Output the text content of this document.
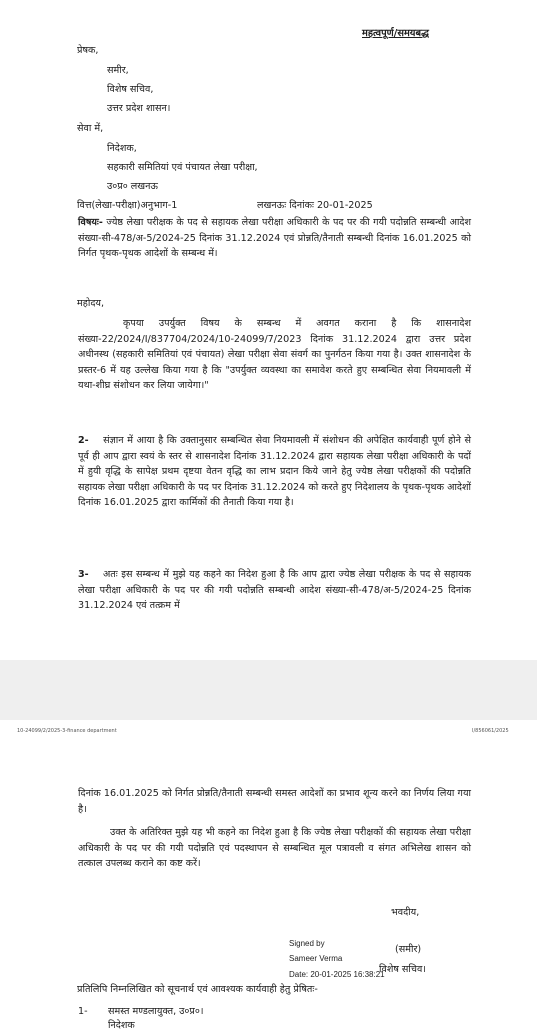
महत्वपूर्ण/समयबद्ध
प्रेषक,
समीर,
विशेष सचिव,
उत्तर प्रदेश शासन।
सेवा में,
निदेशक,
सहकारी समितियां एवं पंचायत लेखा परीक्षा,
उ०प्र० लखनऊ
वित्त(लेखा-परीक्षा)अनुभाग-1	लखनऊः दिनांकः 20-01-2025
विषयः- ज्येष्ठ लेखा परीक्षक के पद से सहायक लेखा परीक्षा अधिकारी के पद पर की गयी पदोन्नति सम्बन्धी आदेश संख्या-सी-478/अ-5/2024-25 दिनांक 31.12.2024 एवं प्रोन्नति/तैनाती सम्बन्धी दिनांक 16.01.2025 को निर्गत पृथक-पृथक आदेशों के सम्बन्ध में।
महोदय,
कृपया उपर्युक्त विषय के सम्बन्ध में अवगत कराना है कि शासनादेश संख्या-22/2024/I/837704/2024/10-24099/7/2023 दिनांक 31.12.2024 द्वारा उत्तर प्रदेश अधीनस्थ (सहकारी समितियां एवं पंचायत) लेखा परीक्षा सेवा संवर्ग का पुनर्गठन किया गया है। उक्त शासनादेश के प्रस्तर-6 में यह उल्लेख किया गया है कि "उपर्युक्त व्यवस्था का समावेश करते हुए सम्बन्धित सेवा नियमावली में यथा-शीघ्र संशोधन कर लिया जायेगा।"
2- संज्ञान में आया है कि उक्तानुसार सम्बन्धित सेवा नियमावली में संशोधन की अपेक्षित कार्यवाही पूर्ण होने से पूर्व ही आप द्वारा स्वयं के स्तर से शासनादेश दिनांक 31.12.2024 द्वारा सहायक लेखा परीक्षा अधिकारी के पदों में हुयी वृद्धि के सापेक्ष प्रथम दृष्टया वेतन वृद्धि का लाभ प्रदान किये जाने हेतु ज्येष्ठ लेखा परीक्षकों की पदोन्नति सहायक लेखा परीक्षा अधिकारी के पद पर दिनांक 31.12.2024 को करते हुए निदेशालय के पृथक-पृथक आदेशों दिनांक 16.01.2025 द्वारा कार्मिकों की तैनाती किया गया है।
3- अतः इस सम्बन्ध में मुझे यह कहने का निदेश हुआ है कि आप द्वारा ज्येष्ठ लेखा परीक्षक के पद से सहायक लेखा परीक्षा अधिकारी के पद पर की गयी पदोन्नति सम्बन्धी आदेश संख्या-सी-478/अ-5/2024-25 दिनांक 31.12.2024 एवं तत्क्रम में
10-24099/2/2025-3-finance department	I/856061/2025
दिनांक 16.01.2025 को निर्गत प्रोन्नति/तैनाती सम्बन्धी समस्त आदेशों का प्रभाव शून्य करने का निर्णय लिया गया है।
उक्त के अतिरिक्त मुझे यह भी कहने का निदेश हुआ है कि ज्येष्ठ लेखा परीक्षकों की सहायक लेखा परीक्षा अधिकारी के पद पर की गयी पदोन्नति एवं पदस्थापन से सम्बन्धित मूल पत्रावली व संगत अभिलेख शासन को तत्काल उपलब्ध कराने का कष्ट करें।
भवदीय,
Signed by
Sameer Verma
Date: 20-01-2025 16:38:21
(समीर)
विशेष सचिव।
प्रतिलिपि निम्नलिखित को सूचनार्थ एवं आवश्यक कार्यवाही हेतु प्रेषितः-
1- समस्त मण्डलायुक्त, उ०प्र०।
निदेशक
